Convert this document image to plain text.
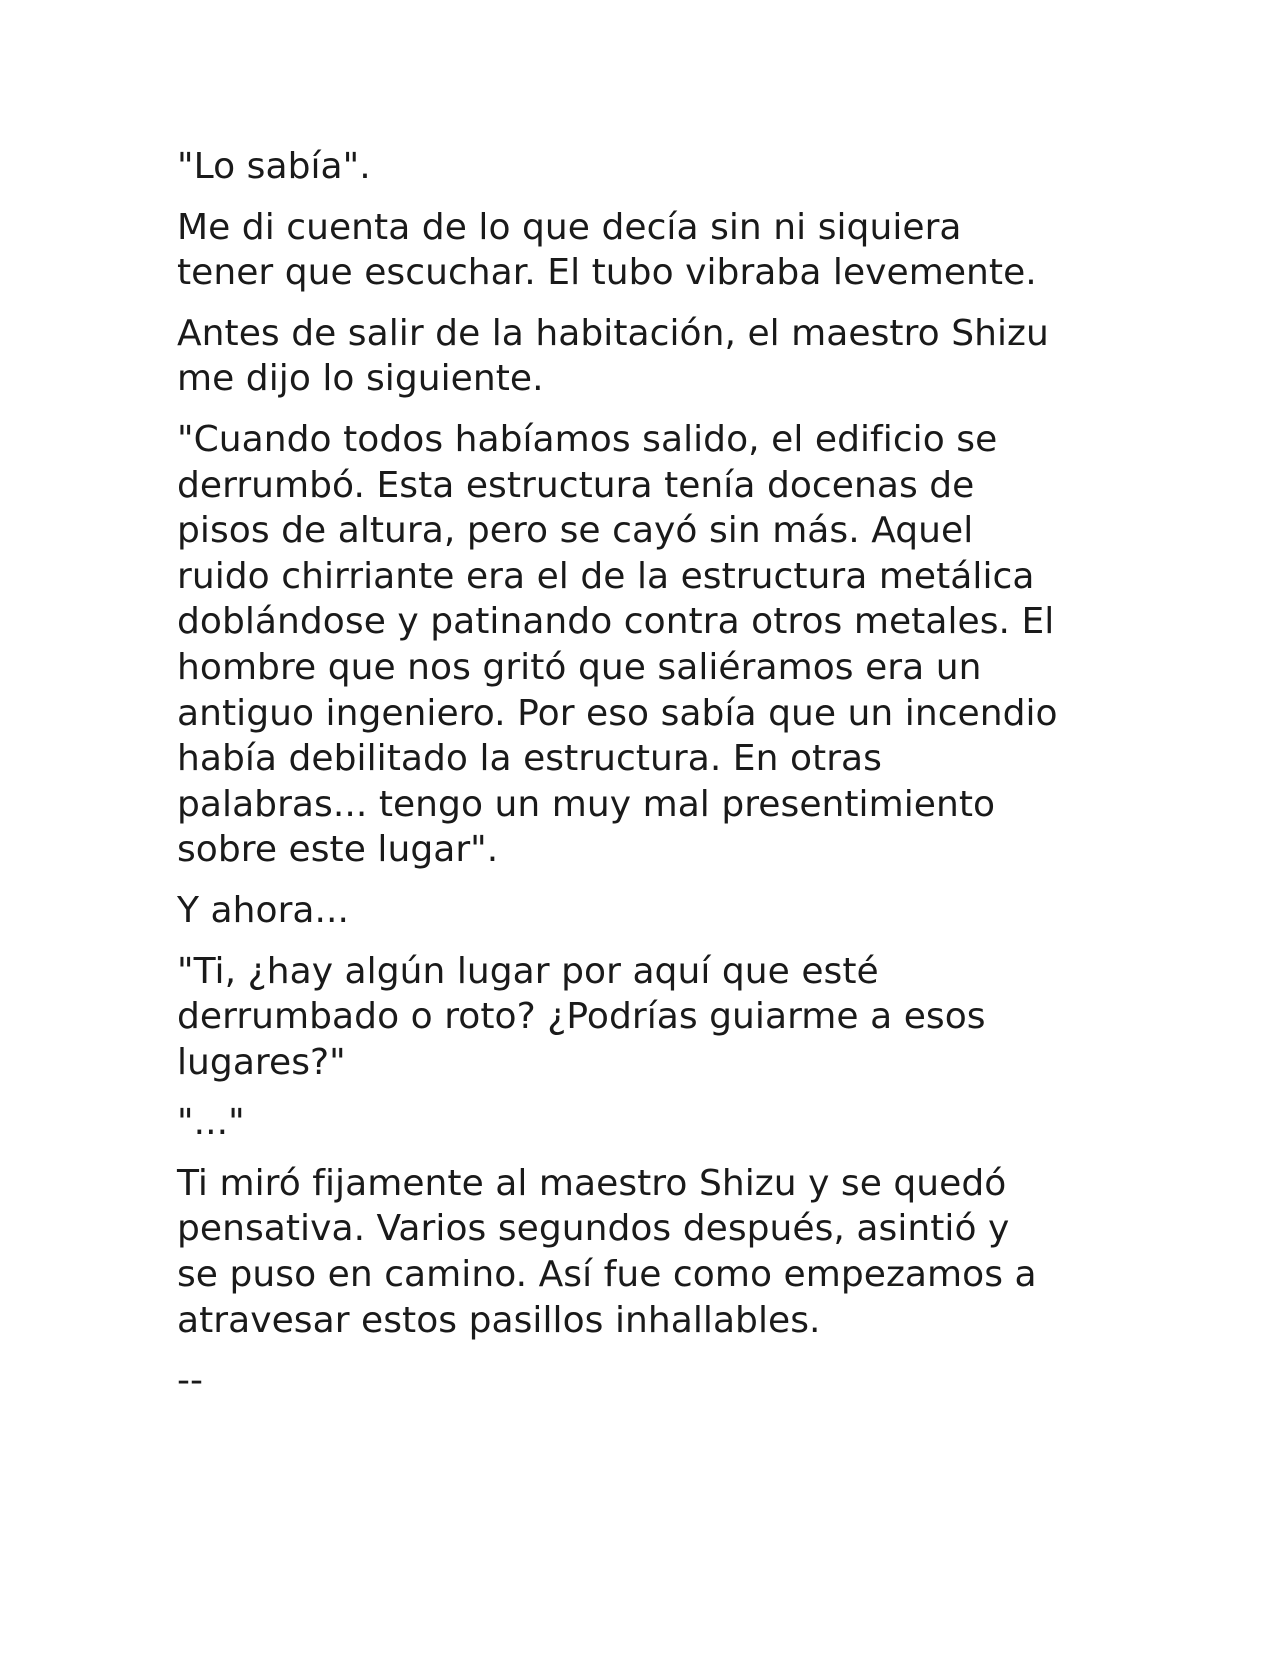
"Lo sabía".

Me di cuenta de lo que decía sin ni siquiera
tener que escuchar. El tubo vibraba levemente.

Antes de salir de la habitación, el maestro Shizu
me dijo lo siguiente.

"Cuando todos habíamos salido, el edificio se
derrumbó. Esta estructura tenía docenas de
pisos de altura, pero se cayó sin más. Aquel
ruido chirriante era el de la estructura metálica
doblándose y patinando contra otros metales. El
hombre que nos gritó que saliéramos era un
antiguo ingeniero. Por eso sabía que un incendio
había debilitado la estructura. En otras
palabras... tengo un muy mal presentimiento
sobre este lugar".

Y ahora...

"Ti, ¿hay algún lugar por aquí que esté
derrumbado o roto? ¿Podrías guiarme a esos
lugares?"

"..."

Ti miró fijamente al maestro Shizu y se quedó
pensativa. Varios segundos después, asintió y
se puso en camino. Así fue como empezamos a
atravesar estos pasillos inhallables.

--
